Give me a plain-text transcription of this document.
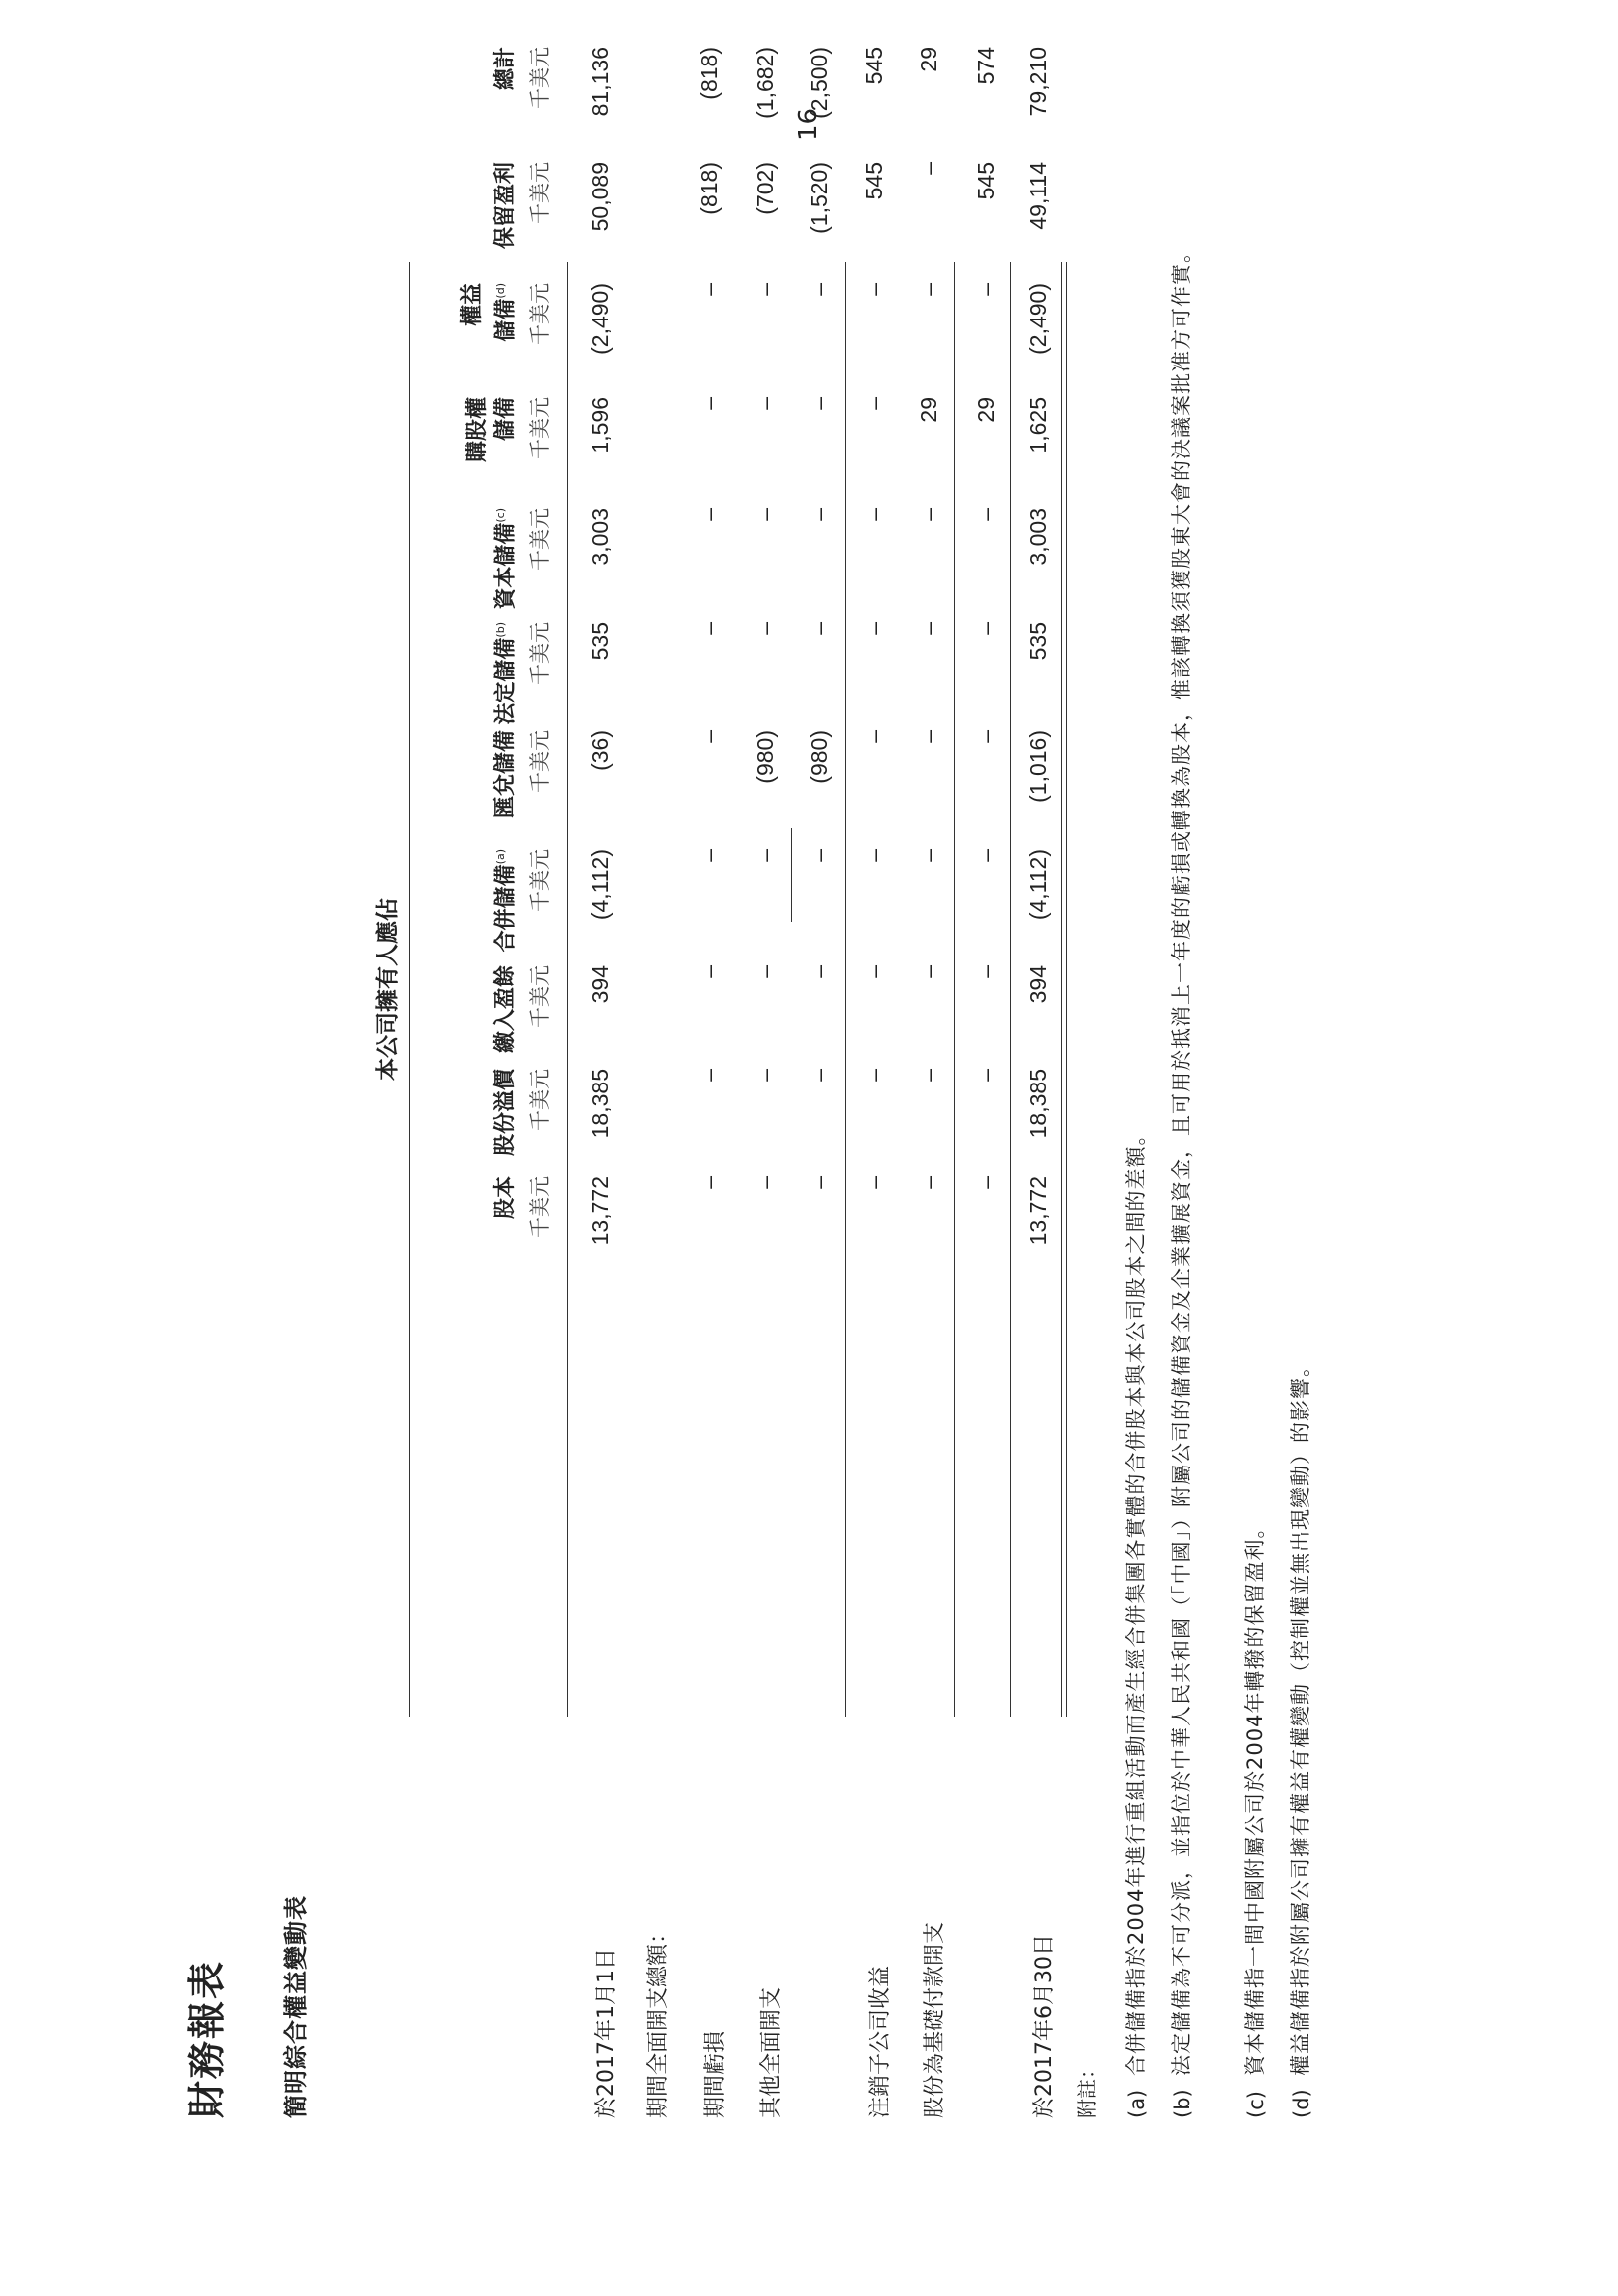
財務報表 簡明綜合權益變動表
本公司擁有人應佔
股本
股份溢價
繳入盈餘
合併儲備$^{(a)}$
匯兌儲備
法定儲備$^{(b)}$
資本儲備$^{(c)}$
購股權 儲備
權益 儲備$^{(d)}$
保留盈利
總計
千美元
千美元
千美元
千美元
千美元
千美元
千美元
千美元
千美元
千美元
千美元
於2017年1月1日
13,772
18,385
394
(4,112)
(36)
535
3,003
1,596
(2,490)
50,089
81,136
期間全面開支總額： 期間虧損
–
–
–
–
–
–
–
–
–
(818)
(818)
其他全面開支
–
–
–
–
(980)
–
–
–
–
(702)
(1,682)
–
–
–
–
(980)
–
–
–
–
(1,520)
(2,500)
注銷子公司收益
–
–
–
–
–
–
–
–
–
545
545
股份為基礎付款開支
–
–
–
–
–
–
–
29
–
–
29
–
–
–
–
–
–
–
29
–
545
574
於2017年6月30日
13,772
18,385
394
(4,112)
(1,016)
535
3,003
1,625
(2,490)
49,114
79,210
附註： (a)
合併儲備指於2004年進行重組活動而產生經合併集團各實體的合併股本與本公司股本之間的差額。
(b)
法定儲備為不可分派，並指位於中華人民共和國（「中國」）附屬公司的儲備資金及企業擴展資金，且可用於抵消上一年度的虧損或轉換為股本，惟該轉換須獲股東大會的決議案批准方可作實。
(c)
資本儲備指一間中國附屬公司於2004年轉撥的保留盈利。
(d)
權益儲備指於附屬公司擁有權益有權變動（控制權並無出現變動）的影響。
16
